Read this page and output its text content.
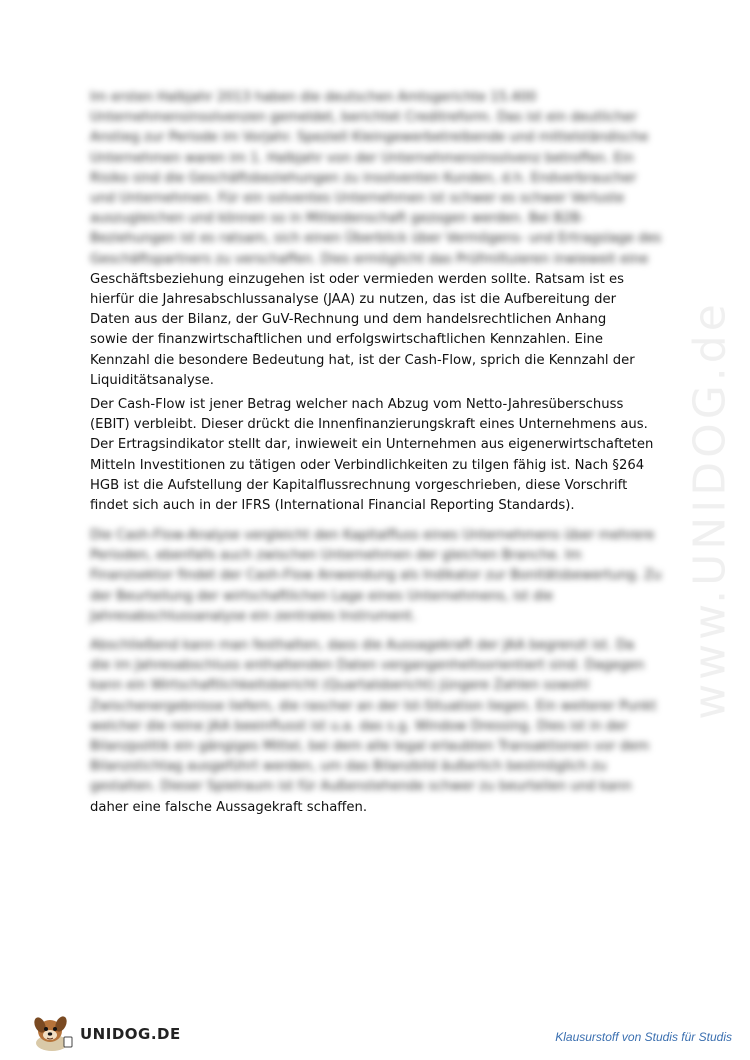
www.UNIDOG.de
Im ersten Halbjahr 2013 haben die deutschen Amtsgerichte 15.400
Unternehmensinsolvenzen gemeldet, berichtet Creditreform. Das ist ein deutlicher
Anstieg zur Periode im Vorjahr. Speziell Kleingewerbetreibende und mittelständische
Unternehmen waren im 1. Halbjahr von der Unternehmensinsolvenz betroffen. Ein
Risiko sind die Geschäftsbeziehungen zu insolventen Kunden, d.h. Endverbraucher
und Unternehmen. Für ein solventes Unternehmen ist schwer es schwer Verluste
auszugleichen und können so in Mitleidenschaft gezogen werden. Bei B2B-
Beziehungen ist es ratsam, sich einen Überblick über Vermögens- und Ertragslage des
Geschäftspartners zu verschaffen. Dies ermöglicht das Prüfmiltuieren inwieweit eine
Geschäftsbeziehung einzugehen ist oder vermieden werden sollte. Ratsam ist es
hierfür die Jahresabschlussanalyse (JAA) zu nutzen, das ist die Aufbereitung der
Daten aus der Bilanz, der GuV-Rechnung und dem handelsrechtlichen Anhang
sowie der finanzwirtschaftlichen und erfolgswirtschaftlichen Kennzahlen. Eine
Kennzahl die besondere Bedeutung hat, ist der Cash-Flow, sprich die Kennzahl der
Liquiditätsanalyse.
Der Cash-Flow ist jener Betrag welcher nach Abzug vom Netto-Jahresüberschuss
(EBIT) verbleibt. Dieser drückt die Innenfinanzierungskraft eines Unternehmens aus.
Der Ertragsindikator stellt dar, inwieweit ein Unternehmen aus eigenerwirtschafteten
Mitteln Investitionen zu tätigen oder Verbindlichkeiten zu tilgen fähig ist. Nach §264
HGB ist die Aufstellung der Kapitalflussrechnung vorgeschrieben, diese Vorschrift
findet sich auch in der IFRS (International Financial Reporting Standards).
Die Cash-Flow-Analyse vergleicht den Kapitalfluss eines Unternehmens über mehrere
Perioden, ebenfalls auch zwischen Unternehmen der gleichen Branche. Im
Finanzsektor findet der Cash-Flow Anwendung als Indikator zur Bonitätsbewertung. Zu
der Beurteilung der wirtschaftlichen Lage eines Unternehmens, ist die
Jahresabschlussanalyse ein zentrales Instrument.
Abschließend kann man festhalten, dass die Aussagekraft der JAA begrenzt ist. Da
die im Jahresabschluss enthaltenden Daten vergangenheitsorientiert sind. Dagegen
kann ein Wirtschaftlichkeitsbericht (Quartalsbericht) jüngere Zahlen sowohl
Zwischenergebnisse liefern, die rascher an der Ist-Situation liegen. Ein weiterer Punkt
welcher die reine JAA beeinflusst ist u.a. das s.g. Window Dressing. Dies ist in der
Bilanzpolitik ein gängiges Mittel, bei dem alle legal erlaubten Transaktionen vor dem
Bilanzstichtag ausgeführt werden, um das Bilanzbild äußerlich bestmöglich zu
gestalten. Dieser Spielraum ist für Außenstehende schwer zu beurteilen und kann
daher eine falsche Aussagekraft schaffen.
UNIDOG.DE	Klausurstoff von Studis für Studis
